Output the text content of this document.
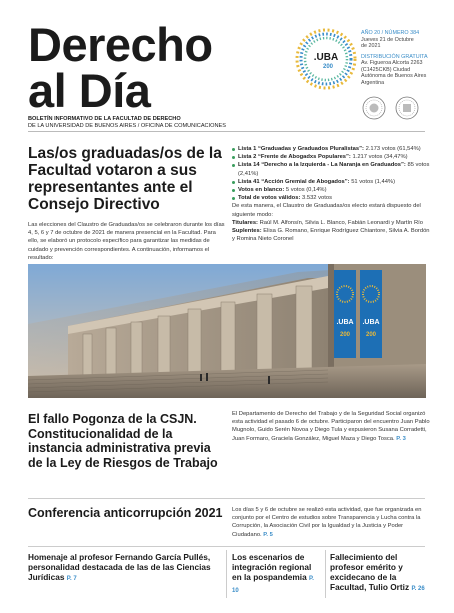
Derecho
al Día
BOLETÍN INFORMATIVO DE LA FACULTAD DE DERECHO
DE LA UNIVERSIDAD DE BUENOS AIRES / OFICINA DE COMUNICACIONES
.UBA
200
AÑO 20 / NÚMERO 384
Jueves 21 de Octubre
de 2021
DISTRIBUCIÓN GRATUITA
Av. Figueroa Alcorta 2263
(C1425CKB) Ciudad
Autónoma de Buenos Aires
Argentina
Las/os graduadas/os de la Facultad votaron a sus representantes ante el Consejo Directivo
Las elecciones del Claustro de Graduadas/os se celebraron durante los días 4, 5, 6 y 7 de octubre de 2021 de manera presencial en la Facultad. Para ello, se elaboró un protocolo específico para garantizar las medidas de cuidado y prevención correspondientes. A continuación, informamos el resultado:
Lista 1 “Graduadas y Graduados Pluralistas”: 2.173 votos (61,54%)
Lista 2 “Frente de Abogadxs Populares”: 1.217 votos (34,47%)
Lista 14 “Derecho a la Izquierda - La Naranja en Graduados”: 85 votos (2,41%)
Lista 41 “Acción Gremial de Abogados”: 51 votos (1,44%)
Votos en blanco: 5 votos (0,14%)
Total de votos válidos: 3.532 votos
De esta manera, el Claustro de Graduadas/os electo estará dispuesto del siguiente modo:
Titulares: Raúl M. Alfonsín, Silvia L. Blanco, Fabián Leonardi y Martín Río
Suplentes: Elisa G. Romano, Enrique Rodríguez Chiantore, Silvia A. Bordón y Romina Nieto Coronel
.UBA .UBA
200	200
El fallo Pogonza de la CSJN. Constitucionalidad de la instancia administrativa previa de la Ley de Riesgos de Trabajo
El Departamento de Derecho del Trabajo y de la Seguridad Social organizó esta actividad el pasado 6 de octubre. Participaron del encuentro Juan Pablo Mugnolo, Guido Serén Novoa y Diego Tula y expusieron Susana Corradetti, Juan Formaro, Graciela González, Miguel Maza y Diego Tosca. P. 3
Conferencia anticorrupción 2021	Los días 5 y 6 de octubre se realizó esta actividad, que fue organizada en conjunto por el Centro de estudios sobre Transparencia y Lucha contra la Corrupción, la Asociación Civil por la Igualdad y la Justicia y Poder Ciudadano. P. 5
Homenaje al profesor Fernando García Pullés, personalidad destacada de las de las Ciencias Jurídicas P. 7
Los escenarios de integración regional en la pospandemia P. 10
Fallecimiento del profesor emérito y excidecano de la Facultad, Tulio Ortiz P. 26
